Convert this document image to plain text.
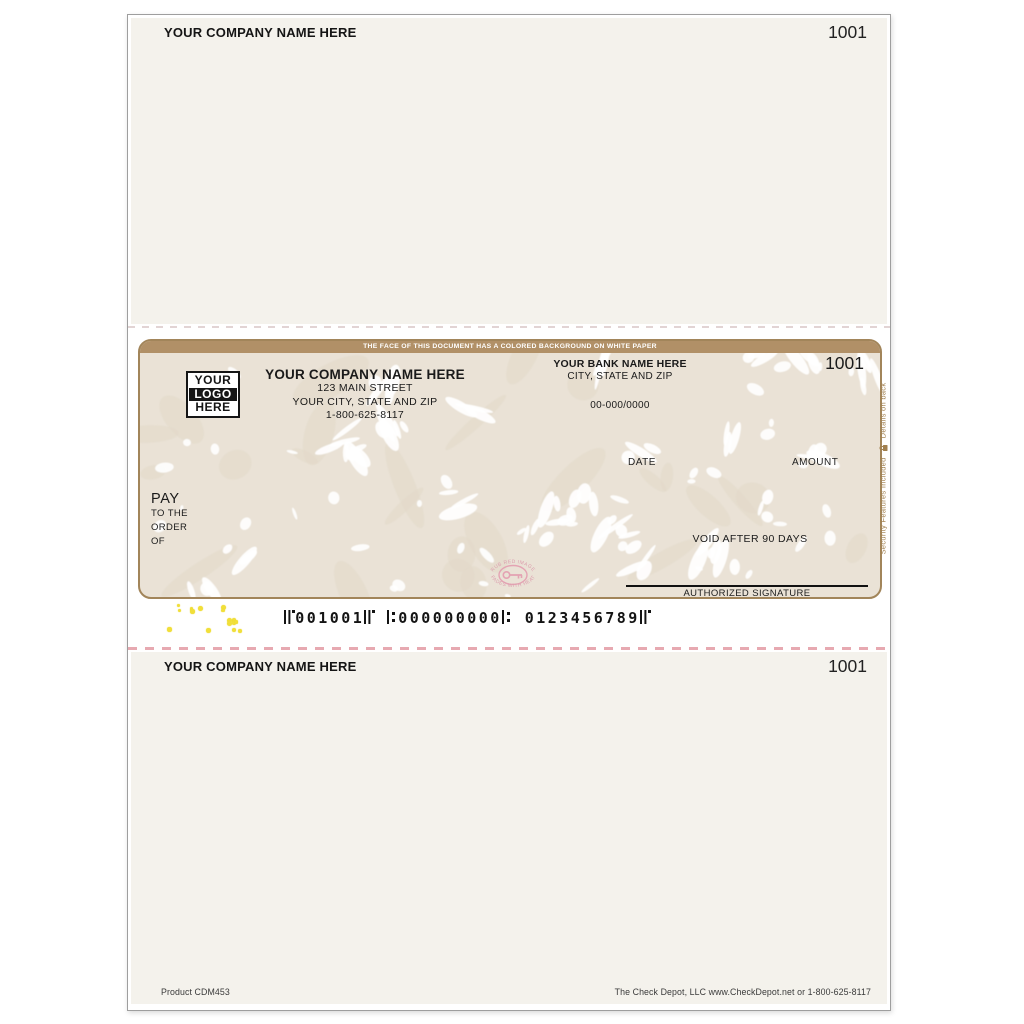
YOUR COMPANY NAME HERE	1001
THE FACE OF THIS DOCUMENT HAS A COLORED BACKGROUND ON WHITE PAPER
1001
YOUR
LOGO
HERE
YOUR COMPANY NAME HERE
123 MAIN STREET
YOUR CITY, STATE AND ZIP
1-800-625-8117
YOUR BANK NAME HERE
CITY, STATE AND ZIP
00-000/0000
DATE	AMOUNT
PAY
TO THE
ORDER
OF	VOID AFTER 90 DAYS
RUB RED IMAGE
FADES WITH HEAT
AUTHORIZED SIGNATURE
Security Features Included
Details on back
0 0 1 0 0 1 0 0 0 0 0 0 0 0 0 0 1 2 3 4 5 6 7 8 9
YOUR COMPANY NAME HERE	1001
Product CDM453	The Check Depot, LLC www.CheckDepot.net or 1-800-625-8117
